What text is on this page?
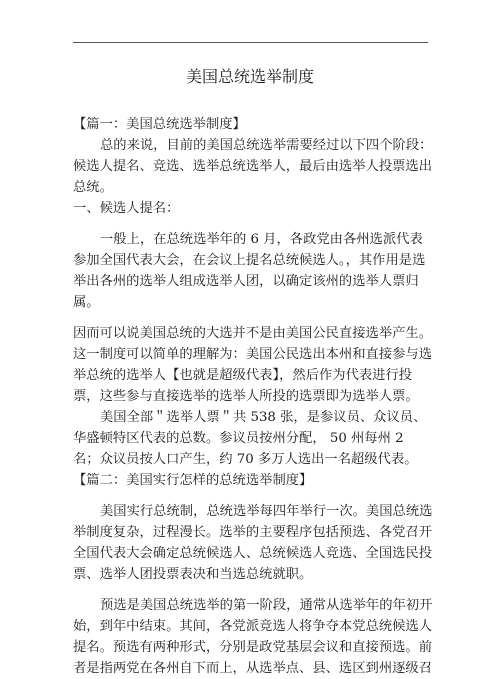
美国总统选举制度

【篇一：美国总统选举制度】

总的来说，目前的美国总统选举需要经过以下四个阶段：候选人提名、竞选、选举总统选举人，最后由选举人投票选出总统。

一、候选人提名：

一般上，在总统选举年的 6 月，各政党由各州选派代表参加全国代表大会，在会议上提名总统候选人。，其作用是选举出各州的选举人组成选举人团，以确定该州的选举人票归属。

因而可以说美国总统的大选并不是由美国公民直接选举产生。这一制度可以简单的理解为：美国公民选出本州和直接参与选举总统的选举人【也就是超级代表】，然后作为代表进行投票，这些参与直接选举的选举人所投的选票即为选举人票。

美国全部＂选举人票＂共 538 张，是参议员、众议员、华盛顿特区代表的总数。参议员按州分配， 50 州每州 2 名；众议员按人口产生，约 70 多万人选出一名超级代表。【篇二：美国实行怎样的总统选举制度】

美国实行总统制，总统选举每四年举行一次。美国总统选举制度复杂，过程漫长。选举的主要程序包括预选、各党召开全国代表大会确定总统候选人、总统候选人竞选、全国选民投票、选举人团投票表决和当选总统就职。

预选是美国总统选举的第一阶段，通常从选举年的年初开始，到年中结束。其间，各党派竞选人将争夺本党总统候选人提名。预选有两种形式，分别是政党基层会议和直接预选。前者是指两党在各州自下而上，从选举点、县、选区到州逐级召
